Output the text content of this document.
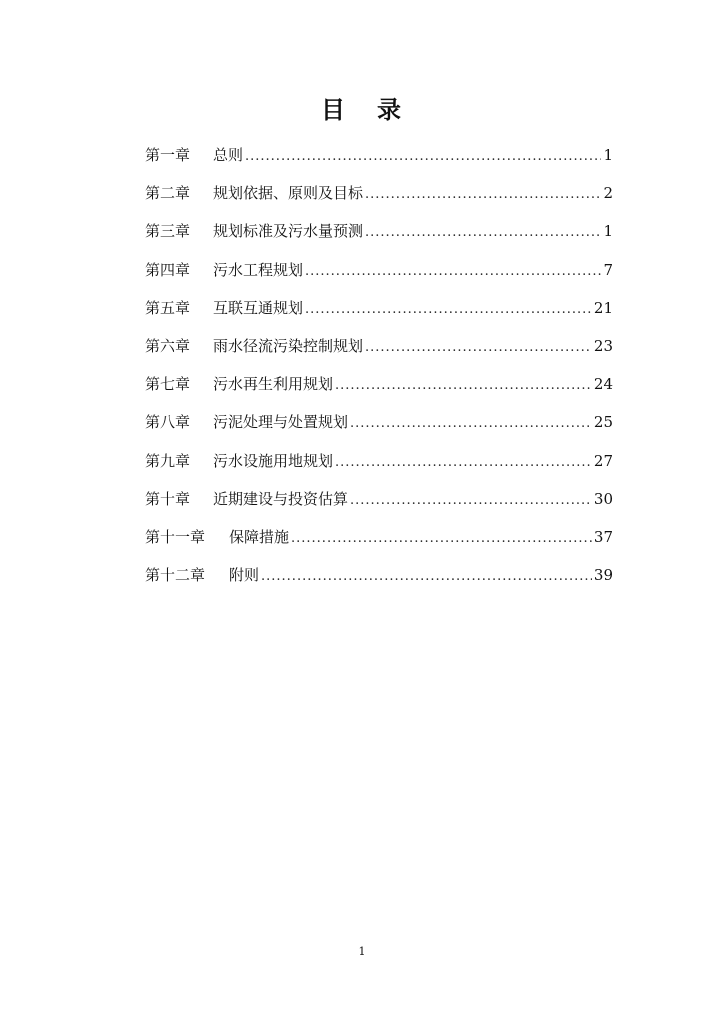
目 录
第一章	总则 .....	1
第二章	规划依据、原则及目标 .....	2
第三章	规划标准及污水量预测 .....	1
第四章	污水工程规划 .....	7
第五章	互联互通规划 .....	21
第六章	雨水径流污染控制规划 .....	23
第七章	污水再生利用规划 .....	24
第八章	污泥处理与处置规划 .....	25
第九章	污水设施用地规划 .....	27
第十章	近期建设与投资估算 .....	30
第十一章	保障措施 .....	37
第十二章	附则 .....	39
1
